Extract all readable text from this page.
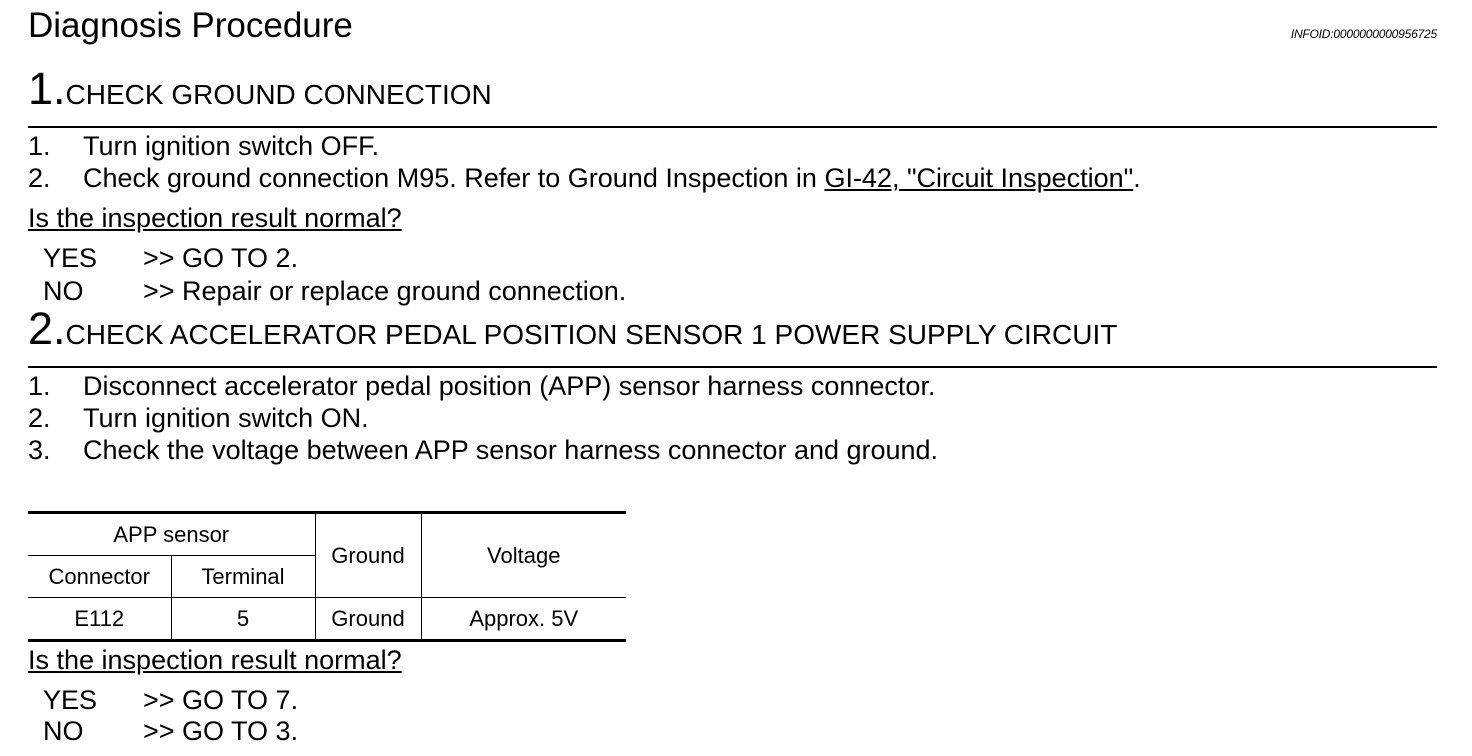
Diagnosis Procedure	INFOID:0000000000956725
1.CHECK GROUND CONNECTION
1. Turn ignition switch OFF.
2. Check ground connection M95. Refer to Ground Inspection in GI-42, "Circuit Inspection".
Is the inspection result normal?
YES >> GO TO 2.
NO >> Repair or replace ground connection.
2.CHECK ACCELERATOR PEDAL POSITION SENSOR 1 POWER SUPPLY CIRCUIT
1. Disconnect accelerator pedal position (APP) sensor harness connector.
2. Turn ignition switch ON.
3. Check the voltage between APP sensor harness connector and ground.
APP sensor		Ground	Voltage
Connector	Terminal		
E112	5	Ground	Approx. 5V
Is the inspection result normal?
YES >> GO TO 7.
NO >> GO TO 3.
